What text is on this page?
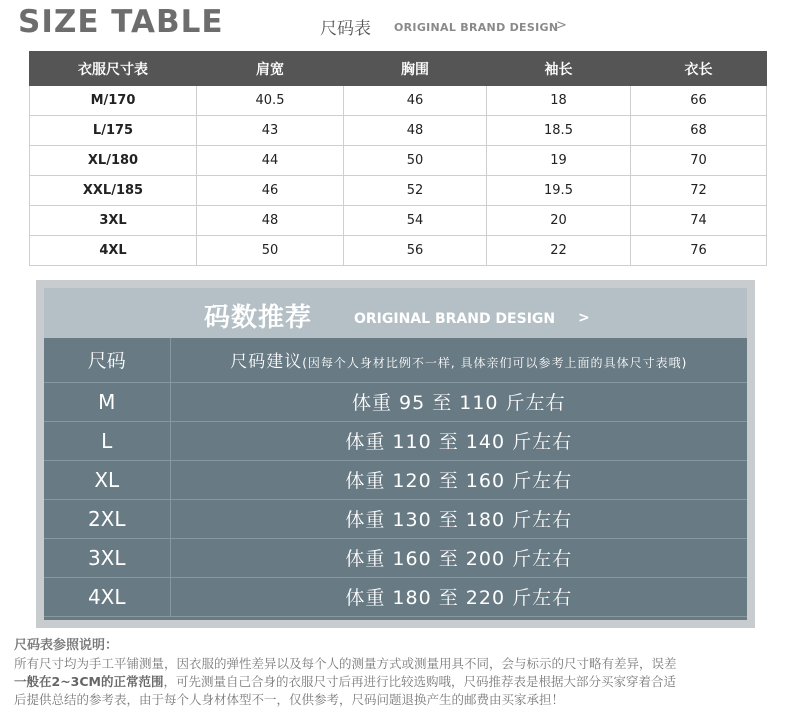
SIZE TABLE	尺码表 ORIGINAL BRAND DESIGN
>
衣服尺寸表	肩宽	胸围	袖长	衣长
M/170	40.5	46	18	66
L/175	43	48	18.5	68
XL/180	44	50	19	70
XXL/185	46	52	19.5	72
3XL	48	54	20	74
4XL	50	56	22	76
码数推荐	ORIGINAL BRAND DESIGN >
尺码	尺码建议(因每个人身材比例不一样, 具体亲们可以参考上面的具体尺寸表哦)
M	体重 95 至 110 斤左右
L	体重 110 至 140 斤左右
XL	体重 120 至 160 斤左右
2XL	体重 130 至 180 斤左右
3XL	体重 160 至 200 斤左右
4XL	体重 180 至 220 斤左右
尺码表参照说明：
所有尺寸均为手工平铺测量，因衣服的弹性差异以及每个人的测量方式或测量用具不同，会与标示的尺寸略有差异，误差
一般在2~3CM的正常范围，可先测量自己合身的衣服尺寸后再进行比较选购哦，尺码推荐表是根据大部分买家穿着合适
后提供总结的参考表，由于每个人身材体型不一，仅供参考，尺码问题退换产生的邮费由买家承担！
